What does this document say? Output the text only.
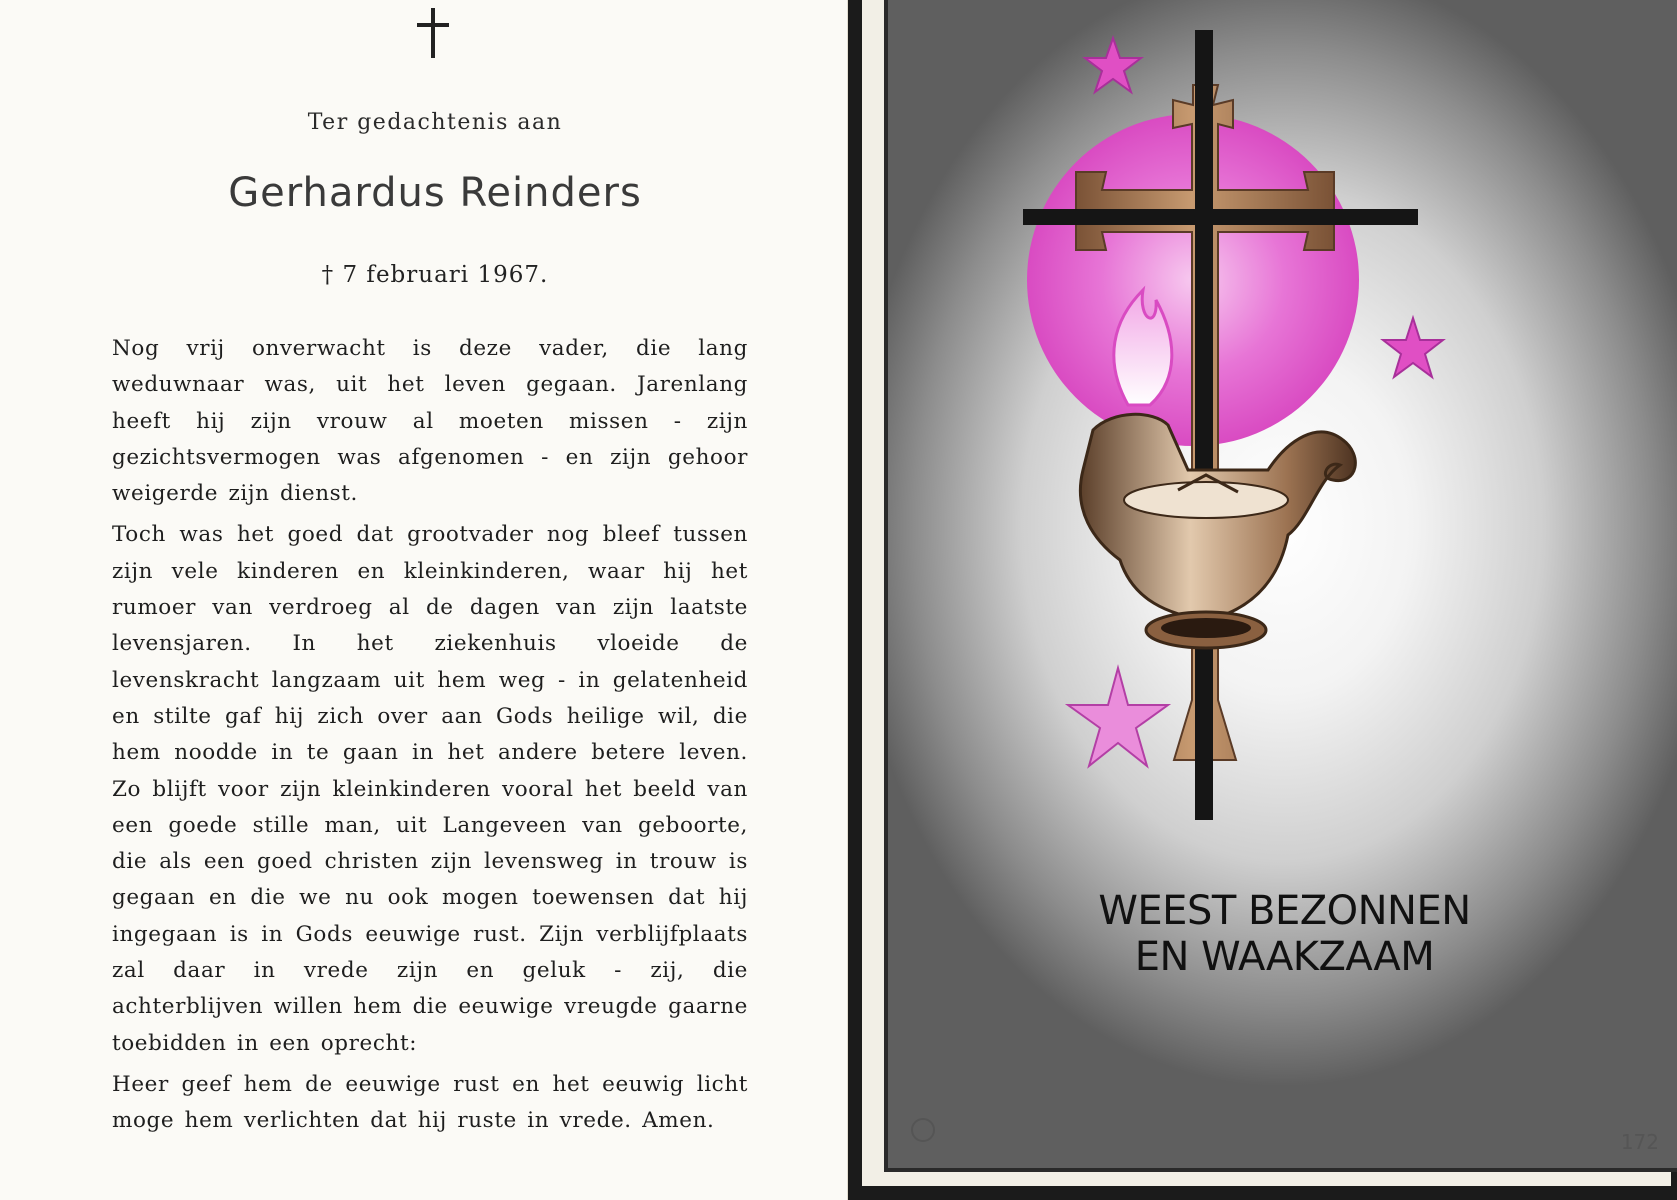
Ter gedachtenis aan
Gerhardus Reinders
† 7 februari 1967.

Nog vrij onverwacht is deze vader, die lang weduwnaar was, uit het leven gegaan. Jarenlang heeft hij zijn vrouw al moeten missen - zijn gezichtsvermogen was afgenomen - en zijn gehoor weigerde zijn dienst.

Toch was het goed dat grootvader nog bleef tussen zijn vele kinderen en kleinkinderen, waar hij het rumoer van verdroeg al de dagen van zijn laatste levensjaren. In het ziekenhuis vloeide de levenskracht langzaam uit hem weg - in gelatenheid en stilte gaf hij zich over aan Gods heilige wil, die hem noodde in te gaan in het andere betere leven. Zo blijft voor zijn kleinkinderen vooral het beeld van een goede stille man, uit Langeveen van geboorte, die als een goed christen zijn levensweg in trouw is gegaan en die we nu ook mogen toewensen dat hij ingegaan is in Gods eeuwige rust. Zijn verblijfplaats zal daar in vrede zijn en geluk - zij, die achterblijven willen hem die eeuwige vreugde gaarne toebidden in een oprecht:

Heer geef hem de eeuwige rust en het eeuwig licht moge hem verlichten dat hij ruste in vrede. Amen.

WEEST BEZONNEN
EN WAAKZAAM
172
